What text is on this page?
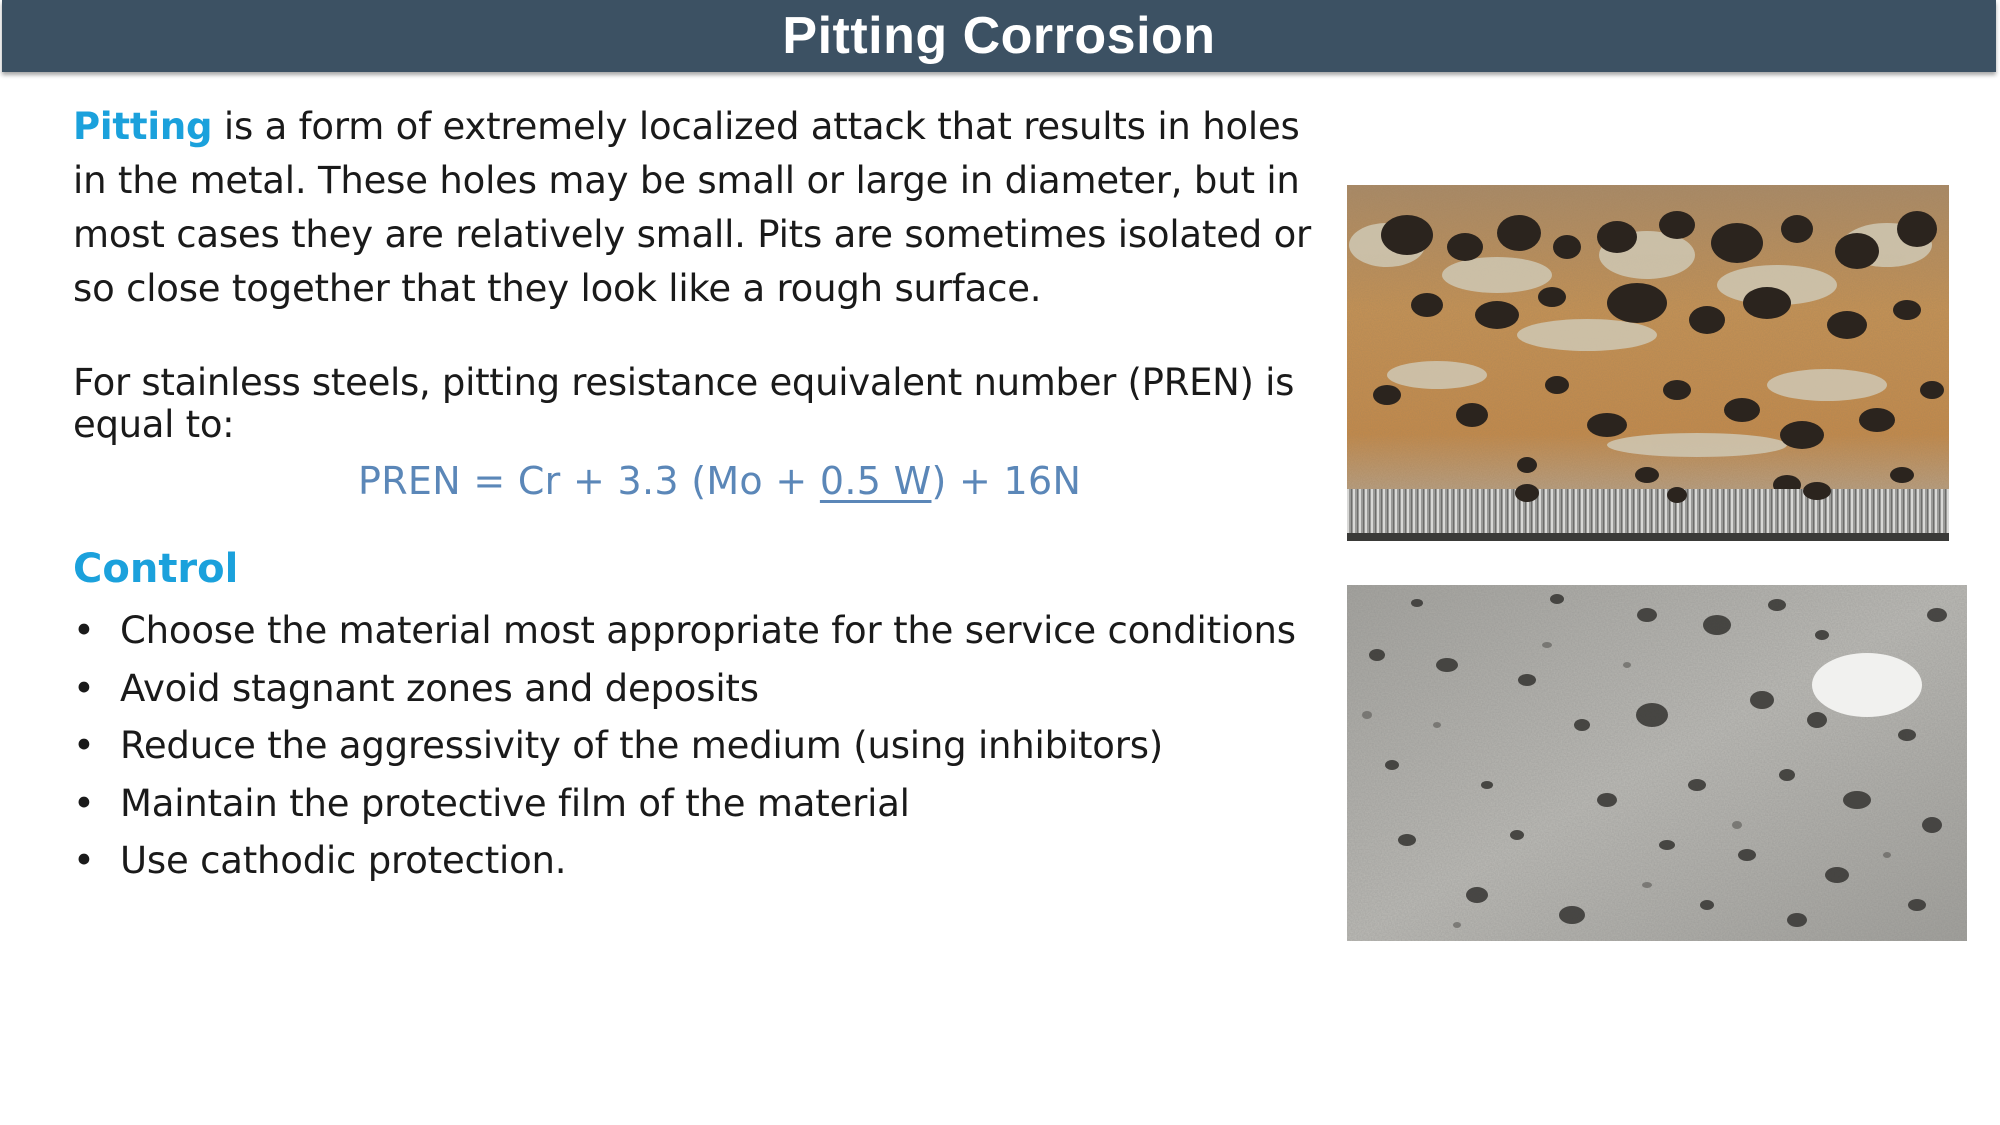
Pitting Corrosion

Pitting is a form of extremely localized attack that results in holes in the metal. These holes may be small or large in diameter, but in most cases they are relatively small. Pits are sometimes isolated or so close together that they look like a rough surface.

For stainless steels, pitting resistance equivalent number (PREN) is equal to:

PREN = Cr + 3.3 (Mo + 0.5 W) + 16N
Control
• Choose the material most appropriate for the service conditions
• Avoid stagnant zones and deposits
• Reduce the aggressivity of the medium (using inhibitors)
• Maintain the protective film of the material
• Use cathodic protection.
